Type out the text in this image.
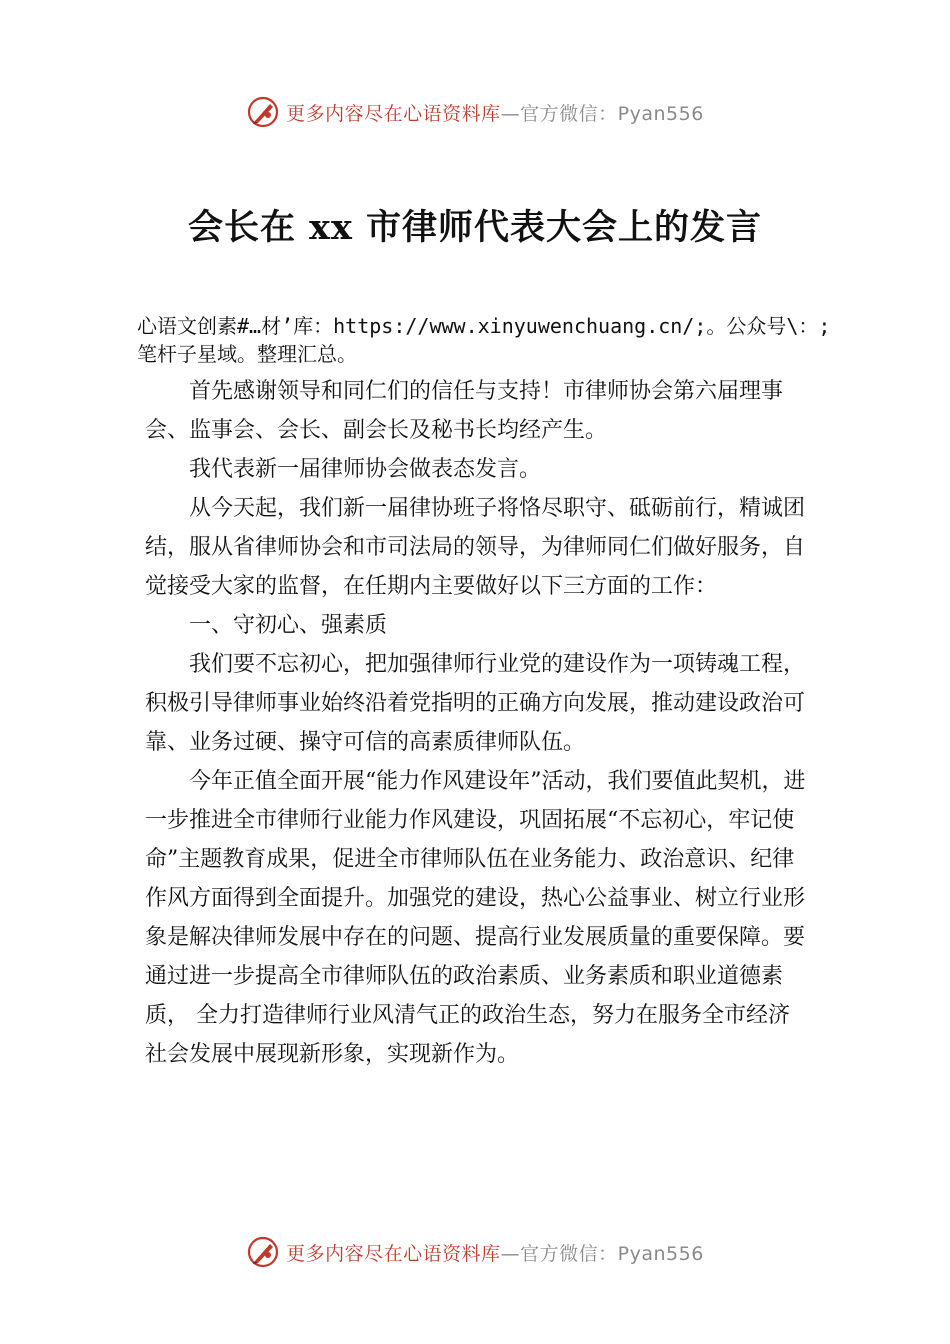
更多内容尽在心语资料库—官方微信：Pyan556
会长在 xx 市律师代表大会上的发言
心语文创素#…材’库：https://www.xinyuwenchuang.cn/;。公众号\：;笔杆子星域。整理汇总。

首先感谢领导和同仁们的信任与支持！市律师协会第六届理事会、监事会、会长、副会长及秘书长均经产生。

我代表新一届律师协会做表态发言。

从今天起，我们新一届律协班子将恪尽职守、砥砺前行，精诚团结，服从省律师协会和市司法局的领导，为律师同仁们做好服务，自觉接受大家的监督，在任期内主要做好以下三方面的工作：

一、守初心、强素质

我们要不忘初心，把加强律师行业党的建设作为一项铸魂工程，积极引导律师事业始终沿着党指明的正确方向发展，推动建设政治可靠、业务过硬、操守可信的高素质律师队伍。

今年正值全面开展“能力作风建设年”活动，我们要值此契机，进一步推进全市律师行业能力作风建设，巩固拓展“不忘初心，牢记使命”主题教育成果，促进全市律师队伍在业务能力、政治意识、纪律作风方面得到全面提升。加强党的建设，热心公益事业、树立行业形象是解决律师发展中存在的问题、提高行业发展质量的重要保障。要通过进一步提高全市律师队伍的政治素质、业务素质和职业道德素质， 全力打造律师行业风清气正的政治生态，努力在服务全市经济社会发展中展现新形象，实现新作为。

更多内容尽在心语资料库—官方微信：Pyan556
